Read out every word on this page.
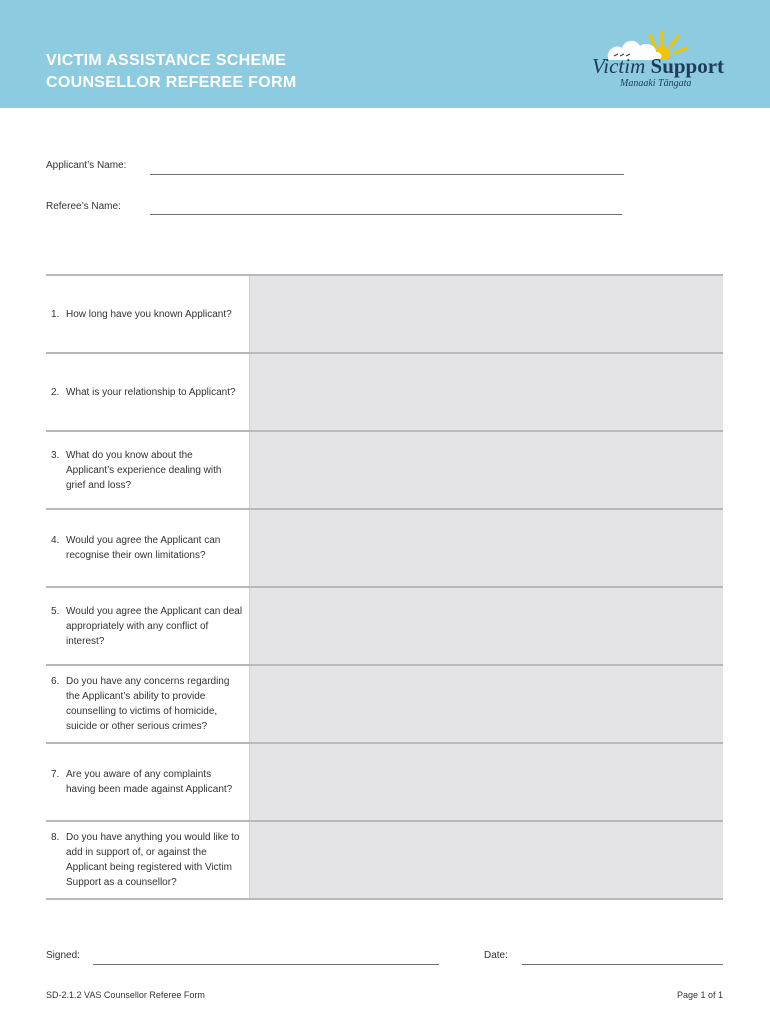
VICTIM ASSISTANCE SCHEME
COUNSELLOR REFEREE FORM
Victim Support
Manaaki Tāngata
Applicant’s Name:
Referee’s Name:
1. How long have you known Applicant?
2. What is your relationship to Applicant?
3. What do you know about the Applicant’s experience dealing with grief and loss?
4. Would you agree the Applicant can recognise their own limitations?
5. Would you agree the Applicant can deal appropriately with any conflict of interest?
6. Do you have any concerns regarding the Applicant’s ability to provide counselling to victims of homicide, suicide or other serious crimes?
7. Are you aware of any complaints having been made against Applicant?
8. Do you have anything you would like to add in support of, or against the Applicant being registered with Victim Support as a counsellor?
Signed:	Date:
SD-2.1.2 VAS Counsellor Referee Form	Page 1 of 1
